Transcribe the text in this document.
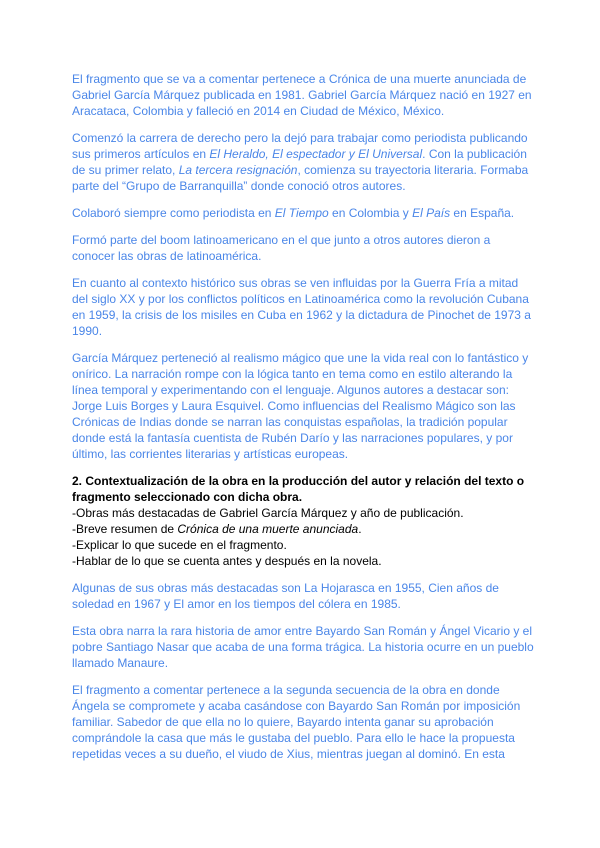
El fragmento que se va a comentar pertenece a Crónica de una muerte anunciada de Gabriel García Márquez publicada en 1981. Gabriel García Márquez nació en 1927 en Aracataca, Colombia y falleció en 2014 en Ciudad de México, México.

Comenzó la carrera de derecho pero la dejó para trabajar como periodista publicando sus primeros artículos en El Heraldo, El espectador y El Universal. Con la publicación de su primer relato, La tercera resignación, comienza su trayectoria literaria. Formaba parte del “Grupo de Barranquilla” donde conoció otros autores.

Colaboró siempre como periodista en El Tiempo en Colombia y El País en España.

Formó parte del boom latinoamericano en el que junto a otros autores dieron a conocer las obras de latinoamérica.

En cuanto al contexto histórico sus obras se ven influidas por la Guerra Fría a mitad del siglo XX y por los conflictos políticos en Latinoamérica como la revolución Cubana en 1959, la crisis de los misiles en Cuba en 1962 y la dictadura de Pinochet de 1973 a 1990.

García Márquez perteneció al realismo mágico que une la vida real con lo fantástico y onírico. La narración rompe con la lógica tanto en tema como en estilo alterando la línea temporal y experimentando con el lenguaje. Algunos autores a destacar son: Jorge Luis Borges y Laura Esquivel. Como influencias del Realismo Mágico son las Crónicas de Indias donde se narran las conquistas españolas, la tradición popular donde está la fantasía cuentista de Rubén Darío y las narraciones populares, y por último, las corrientes literarias y artísticas europeas.

2. Contextualización de la obra en la producción del autor y relación del texto o fragmento seleccionado con dicha obra.
-Obras más destacadas de Gabriel García Márquez y año de publicación.
-Breve resumen de Crónica de una muerte anunciada.
-Explicar lo que sucede en el fragmento.
-Hablar de lo que se cuenta antes y después en la novela.

Algunas de sus obras más destacadas son La Hojarasca en 1955, Cien años de soledad en 1967 y El amor en los tiempos del cólera en 1985.

Esta obra narra la rara historia de amor entre Bayardo San Román y Ángel Vicario y el pobre Santiago Nasar que acaba de una forma trágica. La historia ocurre en un pueblo llamado Manaure.

El fragmento a comentar pertenece a la segunda secuencia de la obra en donde Ángela se compromete y acaba casándose con Bayardo San Román por imposición familiar. Sabedor de que ella no lo quiere, Bayardo intenta ganar su aprobación comprándole la casa que más le gustaba del pueblo. Para ello le hace la propuesta repetidas veces a su dueño, el viudo de Xius, mientras juegan al dominó. En esta
